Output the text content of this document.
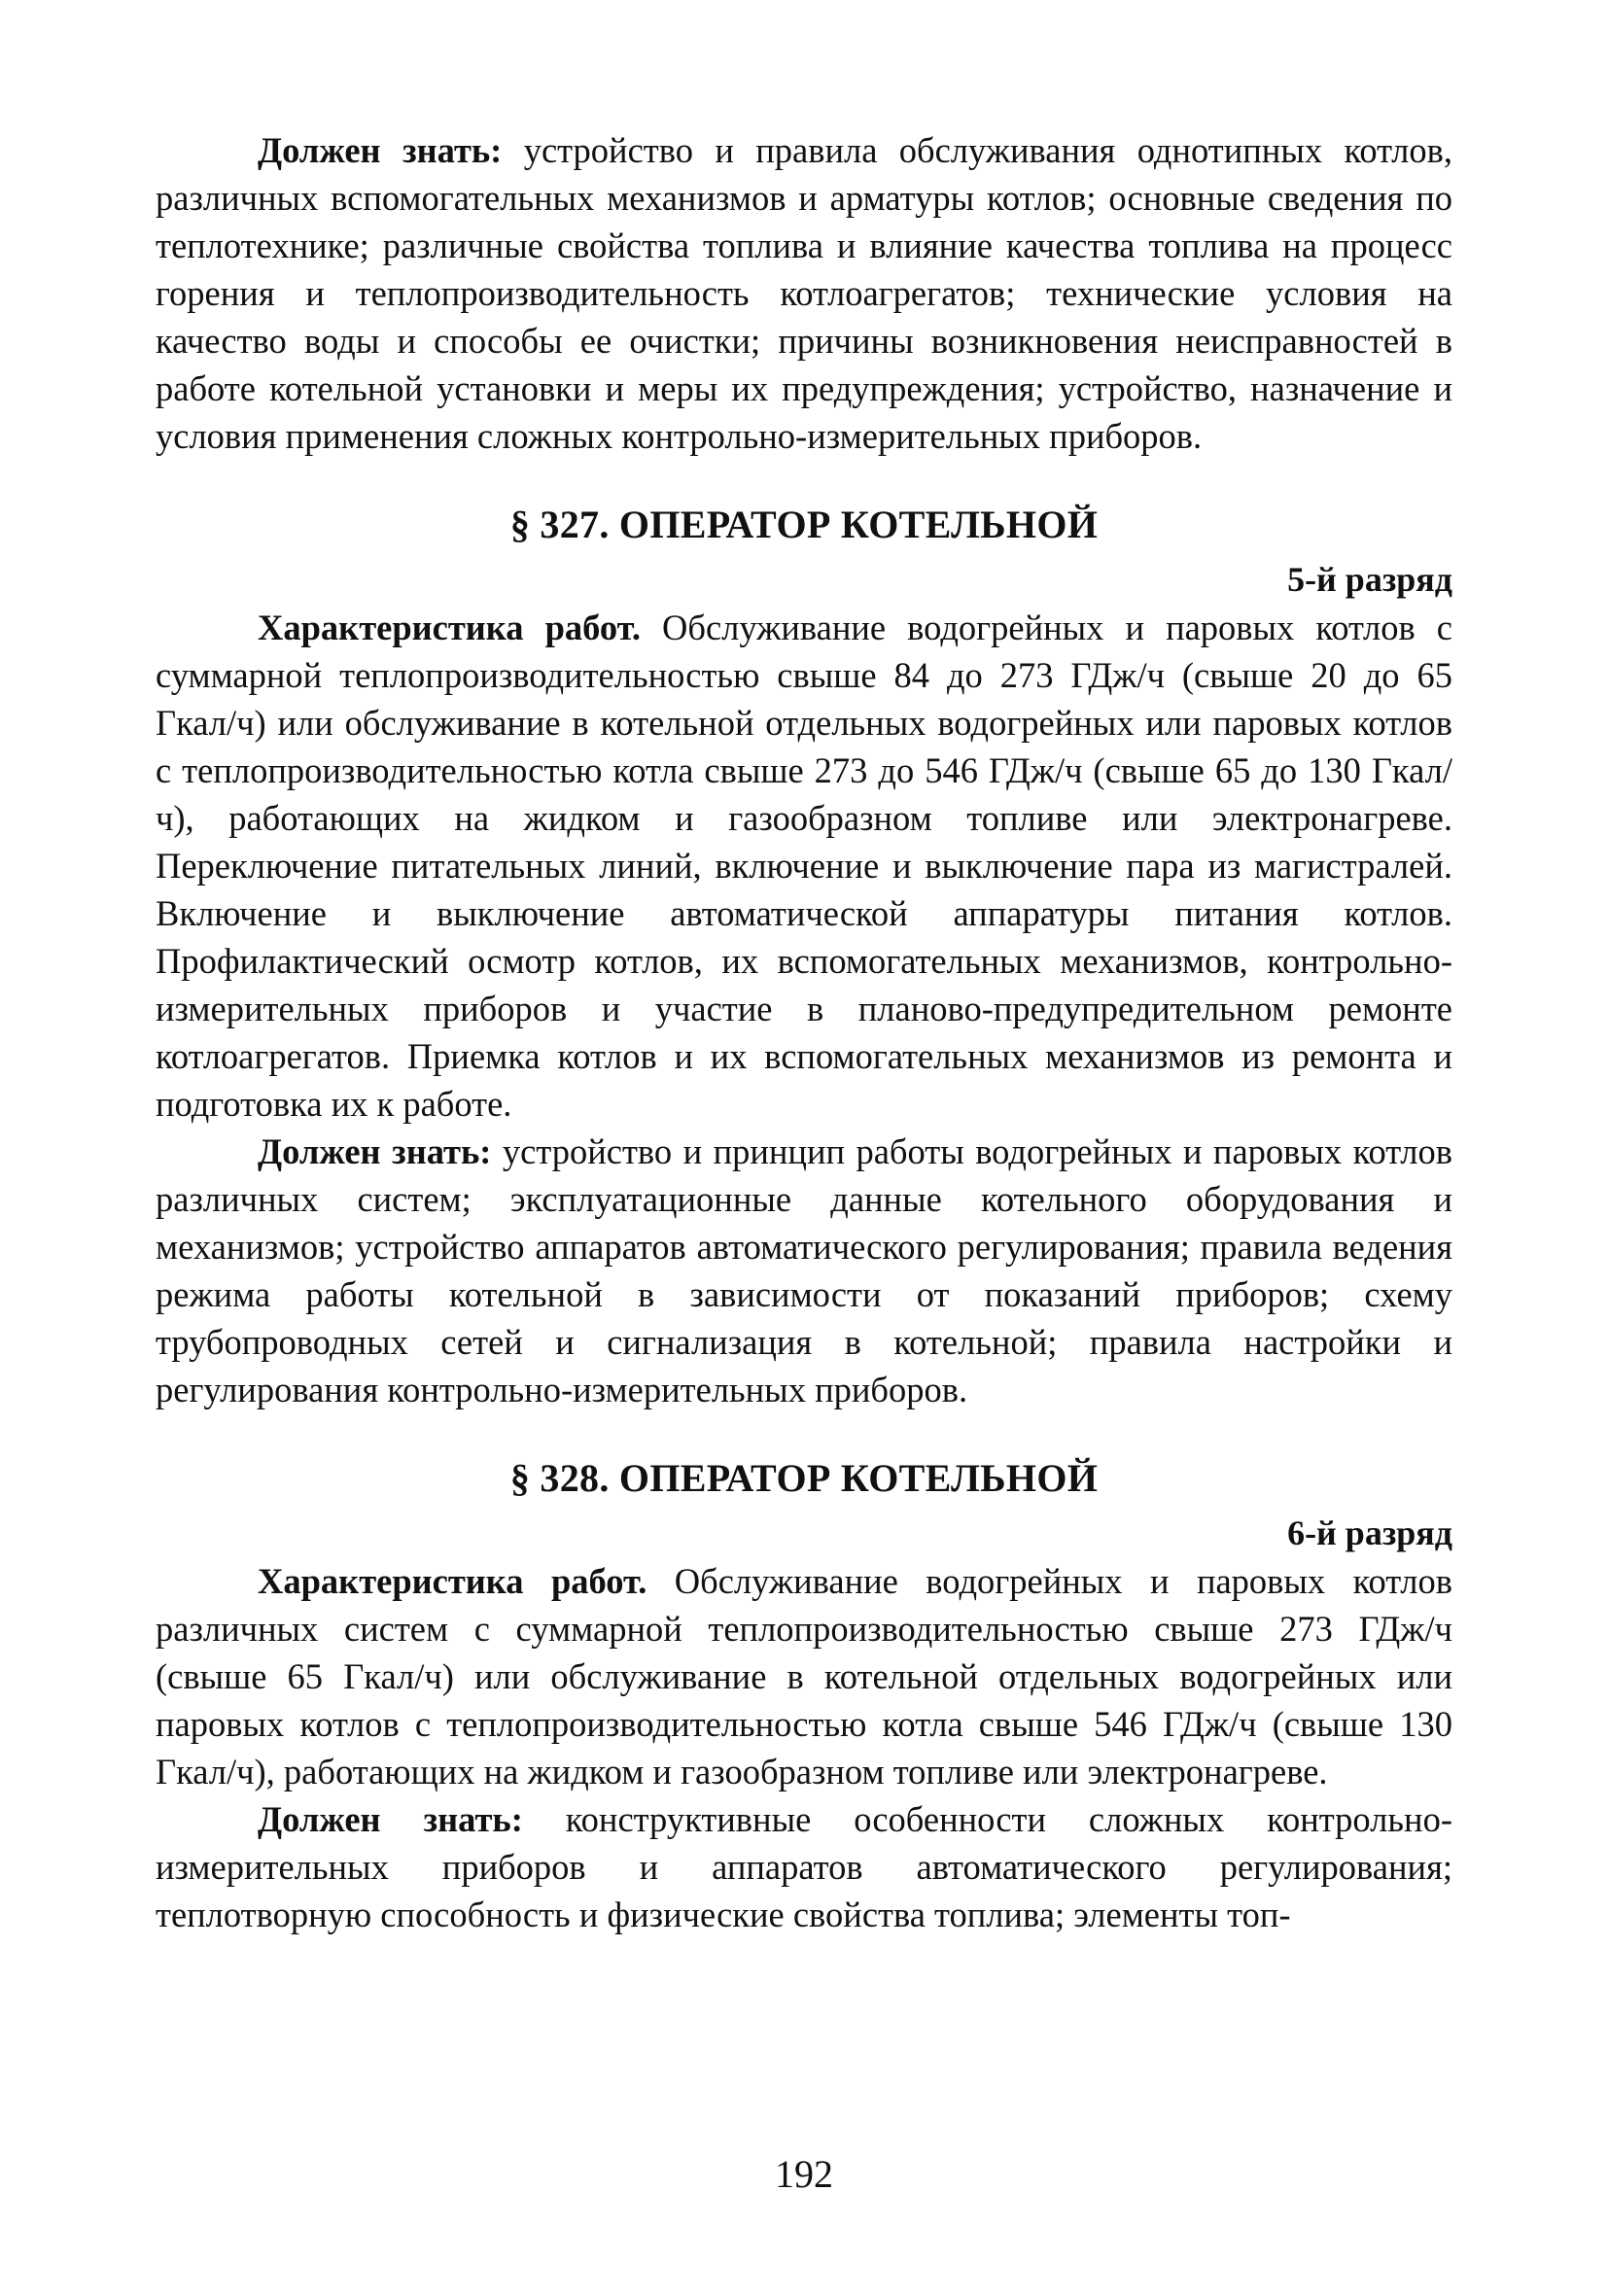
Должен знать: устройство и правила обслуживания однотипных котлов, различных вспомогательных механизмов и арматуры котлов; основные сведения по теплотехнике; различные свойства топлива и влияние качества топлива на процесс горения и теплопроизводительность котлоагрегатов; технические условия на качество воды и способы ее очистки; причины возникновения неисправностей в работе котельной установки и меры их предупреждения; устройство, назначение и условия применения сложных контрольно-измерительных приборов.

§ 327. ОПЕРАТОР КОТЕЛЬНОЙ
5-й разряд

Характеристика работ. Обслуживание водогрейных и паровых котлов с суммарной теплопроизводительностью свыше 84 до 273 ГДж/ч (свыше 20 до 65 Гкал/ч) или обслуживание в котельной отдельных водогрейных или паровых котлов с теплопроизводительностью котла свыше 273 до 546 ГДж/ч (свыше 65 до 130 Гкал/ч), работающих на жидком и газообразном топливе или электронагреве. Переключение питательных линий, включение и выключение пара из магистралей. Включение и выключение автоматической аппаратуры питания котлов. Профилактический осмотр котлов, их вспомогательных механизмов, контрольно-измерительных приборов и участие в планово-предупредительном ремонте котлоагрегатов. Приемка котлов и их вспомогательных механизмов из ремонта и подготовка их к работе.

Должен знать: устройство и принцип работы водогрейных и паровых котлов различных систем; эксплуатационные данные котельного оборудования и механизмов; устройство аппаратов автоматического регулирования; правила ведения режима работы котельной в зависимости от показаний приборов; схему трубопроводных сетей и сигнализация в котельной; правила настройки и регулирования контрольно-измерительных приборов.

§ 328. ОПЕРАТОР КОТЕЛЬНОЙ
6-й разряд

Характеристика работ. Обслуживание водогрейных и паровых котлов различных систем с суммарной теплопроизводительностью свыше 273 ГДж/ч (свыше 65 Гкал/ч) или обслуживание в котельной отдельных водогрейных или паровых котлов с теплопроизводительностью котла свыше 546 ГДж/ч (свыше 130 Гкал/ч), работающих на жидком и газообразном топливе или электронагреве.

Должен знать: конструктивные особенности сложных контрольно-измерительных приборов и аппаратов автоматического регулирования; теплотворную способность и физические свойства топлива; элементы топ-

192
